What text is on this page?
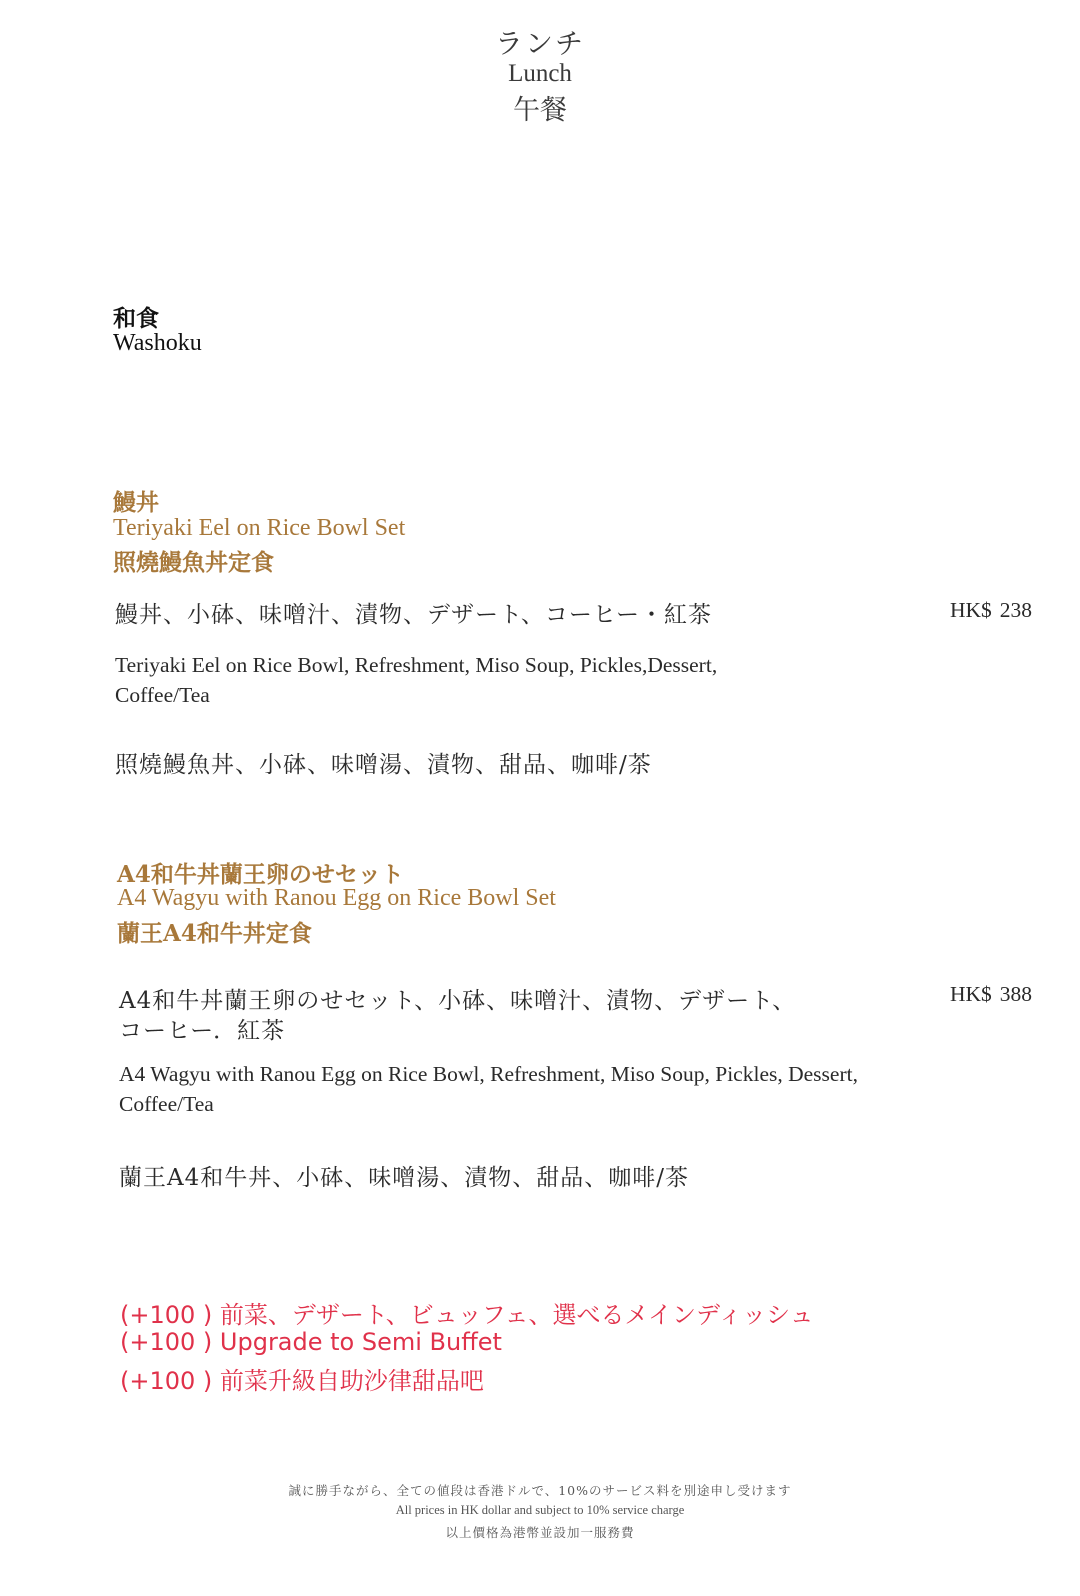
ランチ
Lunch
午餐
和食
Washoku
鰻丼
Teriyaki Eel on Rice Bowl Set
照燒鰻魚丼定食
鰻丼、小砵、味噌汁、漬物、デザート、コーヒー・紅茶	HK$ 238
Teriyaki Eel on Rice Bowl, Refreshment, Miso Soup, Pickles,Dessert,
Coffee/Tea
照燒鰻魚丼、小砵、味噌湯、漬物、甜品、咖啡/茶
A4和牛丼蘭王卵のせセット
A4 Wagyu with Ranou Egg on Rice Bowl Set
蘭王A4和牛丼定食
A4和牛丼蘭王卵のせセット、小砵、味噌汁、漬物、デザート、
コーヒー．紅茶
HK$ 388
A4 Wagyu with Ranou Egg on Rice Bowl, Refreshment, Miso Soup, Pickles, Dessert,
Coffee/Tea
蘭王A4和牛丼、小砵、味噌湯、漬物、甜品、咖啡/茶
(+100 ) 前菜、デザート、ビュッフェ、選べるメインディッシュ
(+100 ) Upgrade to Semi Buffet
(+100 ) 前菜升級自助沙律甜品吧
誠に勝手ながら、全ての値段は香港ドルで、10%のサービス料を別途申し受けます
All prices in HK dollar and subject to 10% service charge
以上價格為港幣並設加一服務費
